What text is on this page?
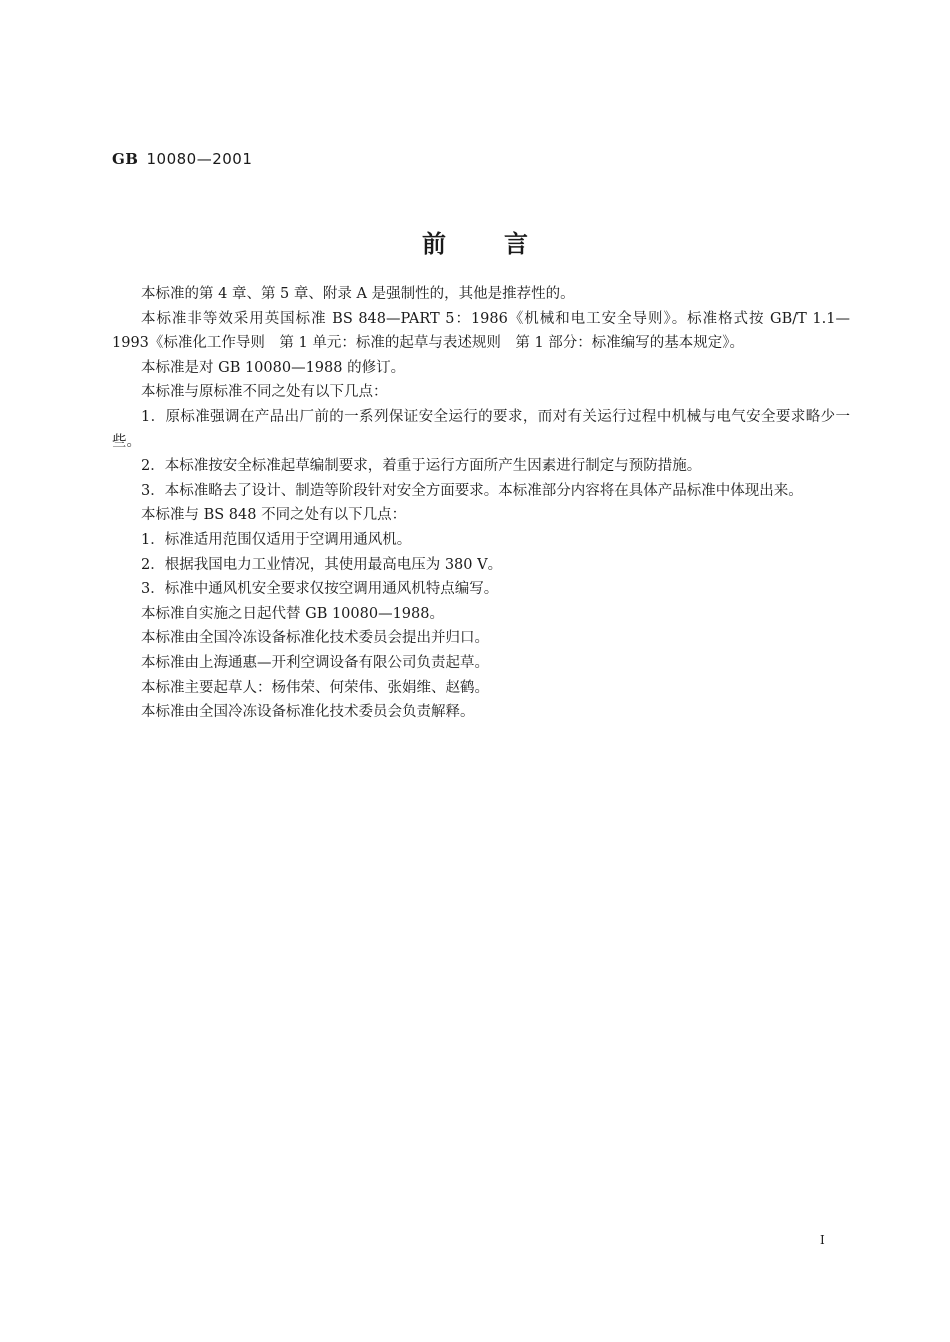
GB 10080—2001
前言

本标准的第 4 章、第 5 章、附录 A 是强制性的，其他是推荐性的。

本标准非等效采用英国标准 BS 848—PART 5：1986《机械和电工安全导则》。标准格式按 GB/T 1.1—1993《标准化工作导则　第 1 单元：标准的起草与表述规则　第 1 部分：标准编写的基本规定》。

本标准是对 GB 10080—1988 的修订。

本标准与原标准不同之处有以下几点：

1．原标准强调在产品出厂前的一系列保证安全运行的要求，而对有关运行过程中机械与电气安全要求略少一些。

2．本标准按安全标准起草编制要求，着重于运行方面所产生因素进行制定与预防措施。

3．本标准略去了设计、制造等阶段针对安全方面要求。本标准部分内容将在具体产品标准中体现出来。

本标准与 BS 848 不同之处有以下几点：

1．标准适用范围仅适用于空调用通风机。

2．根据我国电力工业情况，其使用最高电压为 380 V。

3．标准中通风机安全要求仅按空调用通风机特点编写。

本标准自实施之日起代替 GB 10080—1988。

本标准由全国冷冻设备标准化技术委员会提出并归口。

本标准由上海通惠—开利空调设备有限公司负责起草。

本标准主要起草人：杨伟荣、何荣伟、张娟维、赵鹤。

本标准由全国冷冻设备标准化技术委员会负责解释。

I
